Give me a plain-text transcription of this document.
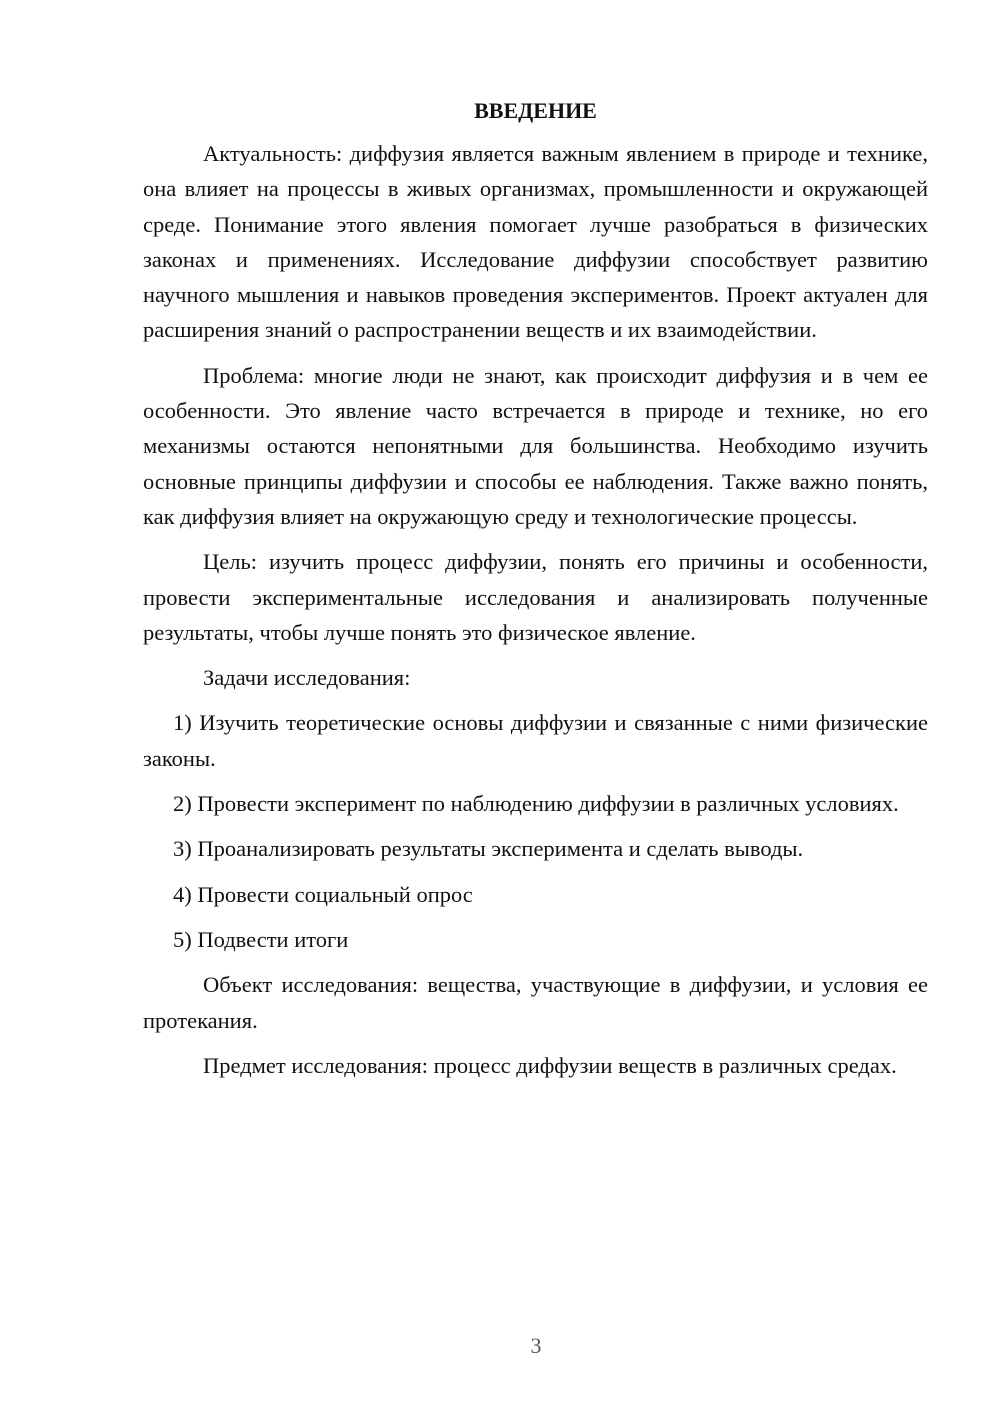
ВВЕДЕНИЕ

Актуальность: диффузия является важным явлением в природе и технике, она влияет на процессы в живых организмах, промышленности и окружающей среде. Понимание этого явления помогает лучше разобраться в физических законах и применениях. Исследование диффузии способствует развитию научного мышления и навыков проведения экспериментов. Проект актуален для расширения знаний о распространении веществ и их взаимодействии.

Проблема: многие люди не знают, как происходит диффузия и в чем ее особенности. Это явление часто встречается в природе и технике, но его механизмы остаются непонятными для большинства. Необходимо изучить основные принципы диффузии и способы ее наблюдения. Также важно понять, как диффузия влияет на окружающую среду и технологические процессы.

Цель: изучить процесс диффузии, понять его причины и особенности, провести экспериментальные исследования и анализировать полученные результаты, чтобы лучше понять это физическое явление.

Задачи исследования:

1) Изучить теоретические основы диффузии и связанные с ними физические законы.

2) Провести эксперимент по наблюдению диффузии в различных условиях.

3) Проанализировать результаты эксперимента и сделать выводы.

4) Провести социальный опрос

5) Подвести итоги

Объект исследования: вещества, участвующие в диффузии, и условия ее протекания.

Предмет исследования: процесс диффузии веществ в различных средах.

3
